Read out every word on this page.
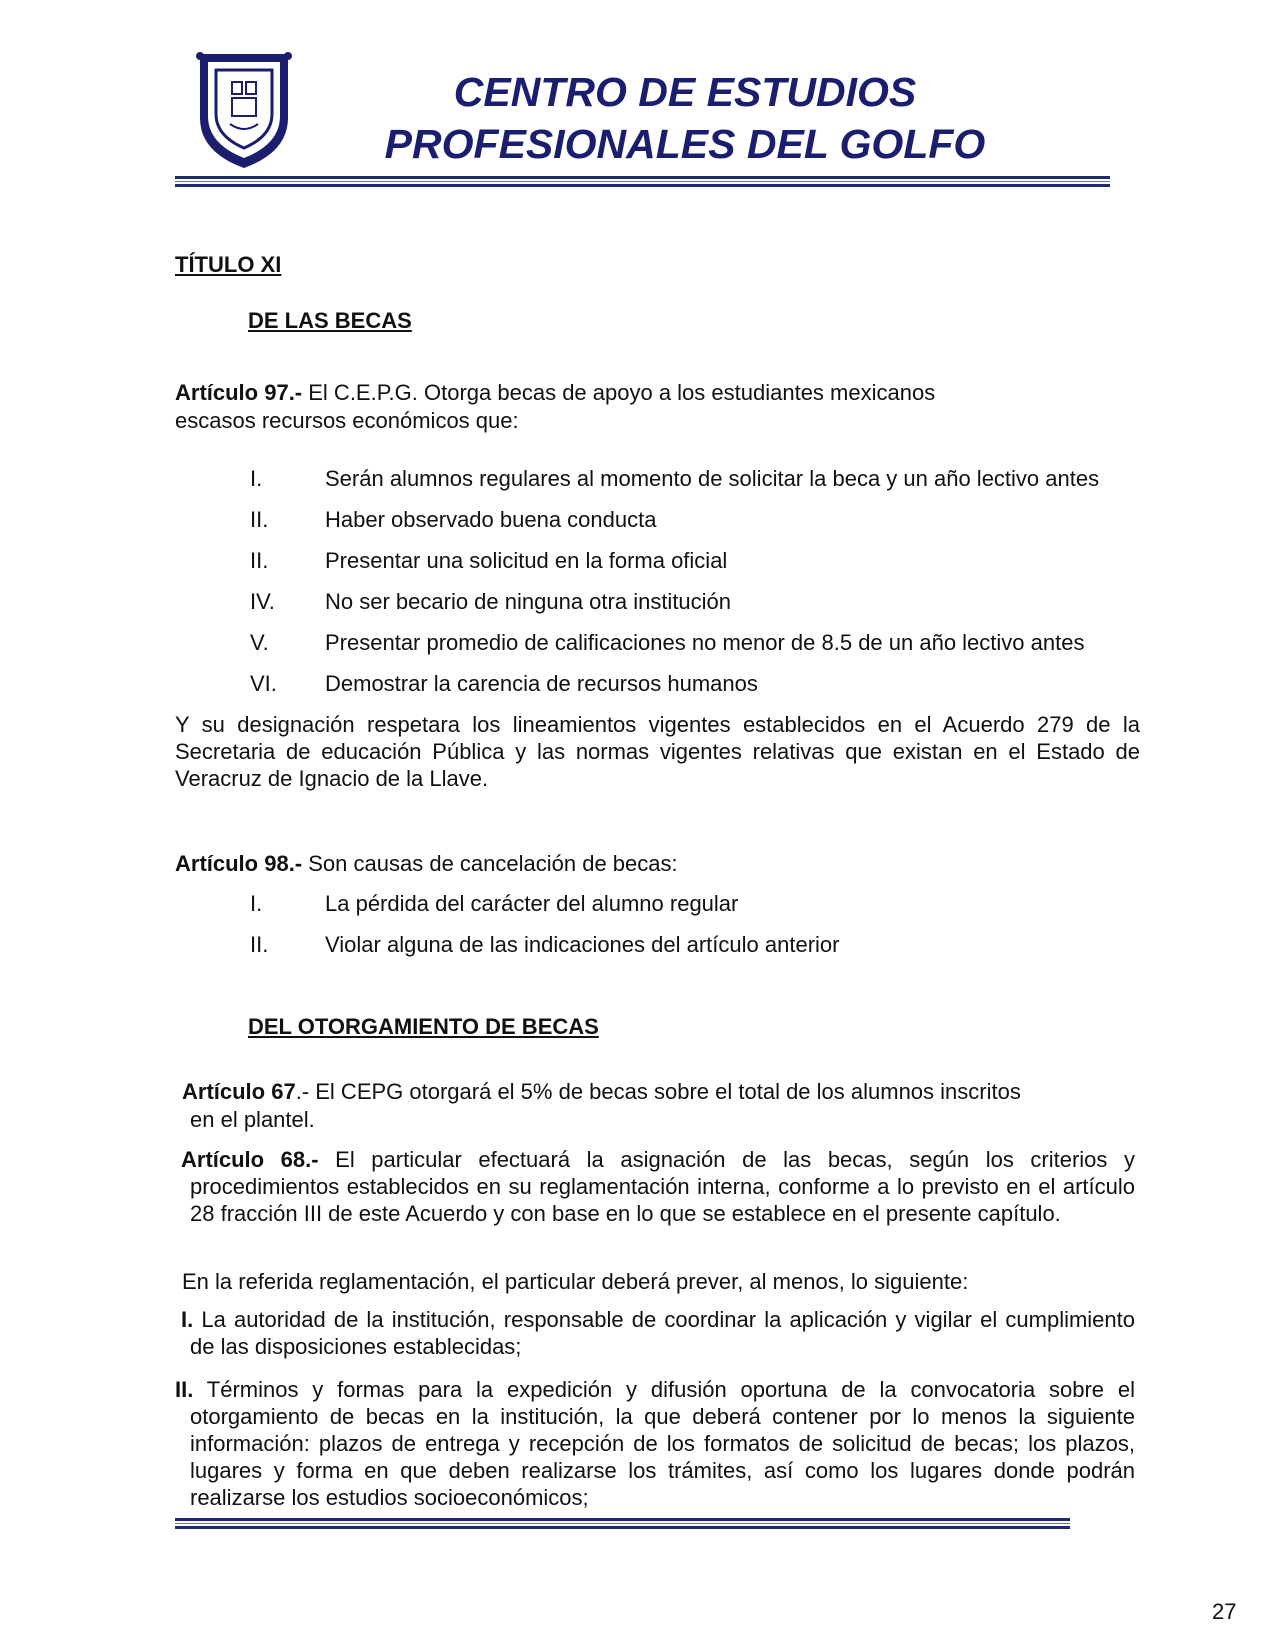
CENTRO DE ESTUDIOS
PROFESIONALES DEL GOLFO
TÍTULO XI
DE LAS BECAS
Artículo 97.- El C.E.P.G. Otorga becas de apoyo a los estudiantes mexicanos
escasos recursos económicos que:
I.	Serán alumnos regulares al momento de solicitar la beca y un año lectivo antes
II.	Haber observado buena conducta
II.	Presentar una solicitud en la forma oficial
IV. No ser becario de ninguna otra institución
V.	Presentar promedio de calificaciones no menor de 8.5 de un año lectivo antes
VI. Demostrar la carencia de recursos humanos
Y su designación respetara los lineamientos vigentes establecidos en el Acuerdo 279 de la Secretaria de educación Pública y las normas vigentes relativas que existan en el Estado de Veracruz de Ignacio de la Llave.
Artículo 98.- Son causas de cancelación de becas:
I.	La pérdida del carácter del alumno regular
II.	Violar alguna de las indicaciones del artículo anterior
DEL OTORGAMIENTO DE BECAS
Artículo 67.- El CEPG otorgará el 5% de becas sobre el total de los alumnos inscritos
en el plantel.
Artículo 68.- El particular efectuará la asignación de las becas, según los criterios y procedimientos establecidos en su reglamentación interna, conforme a lo previsto en el artículo 28 fracción III de este Acuerdo y con base en lo que se establece en el presente capítulo.
En la referida reglamentación, el particular deberá prever, al menos, lo siguiente:
I. La autoridad de la institución, responsable de coordinar la aplicación y vigilar el cumplimiento de las disposiciones establecidas;
II. Términos y formas para la expedición y difusión oportuna de la convocatoria sobre el otorgamiento de becas en la institución, la que deberá contener por lo menos la siguiente información: plazos de entrega y recepción de los formatos de solicitud de becas; los plazos, lugares y forma en que deben realizarse los trámites, así como los lugares donde podrán realizarse los estudios socioeconómicos;
27
